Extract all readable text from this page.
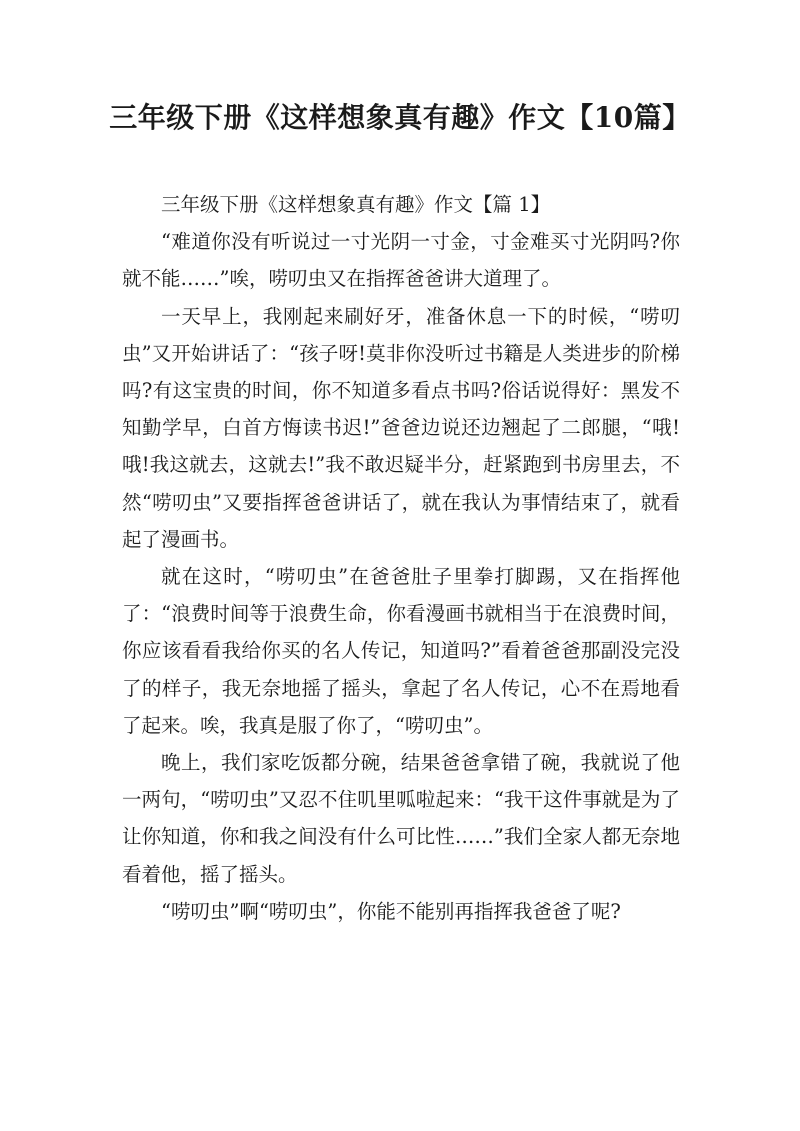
三年级下册《这样想象真有趣》作文【10篇】

三年级下册《这样想象真有趣》作文【篇 1】

“难道你没有听说过一寸光阴一寸金，寸金难买寸光阴吗?你就不能……”唉，唠叨虫又在指挥爸爸讲大道理了。

一天早上，我刚起来刷好牙，准备休息一下的时候，“唠叨虫”又开始讲话了：“孩子呀!莫非你没听过书籍是人类进步的阶梯吗?有这宝贵的时间，你不知道多看点书吗?俗话说得好：黑发不知勤学早，白首方悔读书迟!”爸爸边说还边翘起了二郎腿，“哦!哦!我这就去，这就去!”我不敢迟疑半分，赶紧跑到书房里去，不然“唠叨虫”又要指挥爸爸讲话了，就在我认为事情结束了，就看起了漫画书。

就在这时，“唠叨虫”在爸爸肚子里拳打脚踢，又在指挥他了：“浪费时间等于浪费生命，你看漫画书就相当于在浪费时间，你应该看看我给你买的名人传记，知道吗?”看着爸爸那副没完没了的样子，我无奈地摇了摇头，拿起了名人传记，心不在焉地看了起来。唉，我真是服了你了，“唠叨虫”。

晚上，我们家吃饭都分碗，结果爸爸拿错了碗，我就说了他一两句，“唠叨虫”又忍不住叽里呱啦起来：“我干这件事就是为了让你知道，你和我之间没有什么可比性……”我们全家人都无奈地看着他，摇了摇头。

“唠叨虫”啊“唠叨虫”，你能不能别再指挥我爸爸了呢?
